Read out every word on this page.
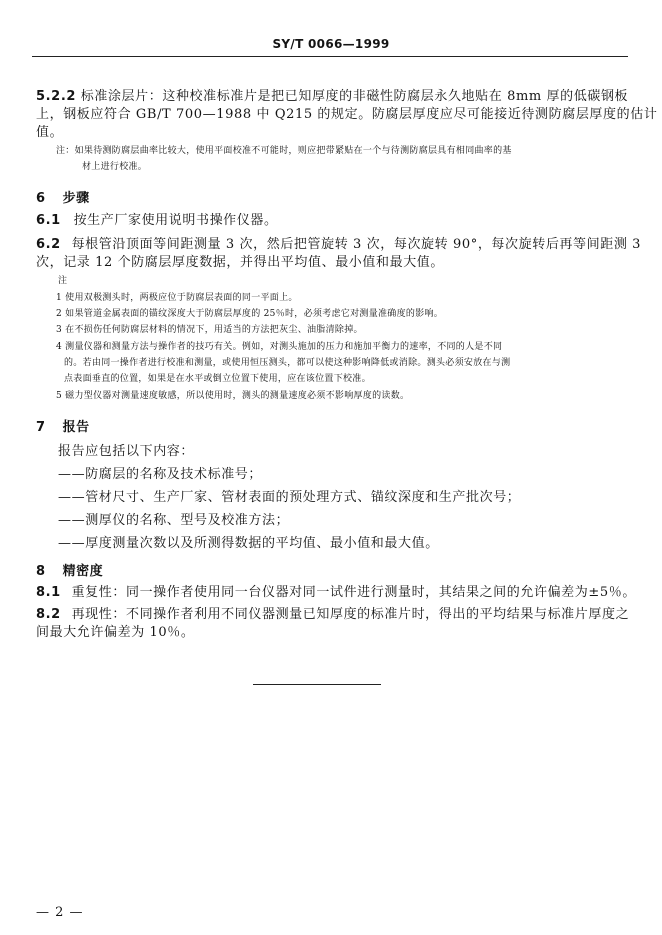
SY/T 0066—1999
5.2.2 标准涂层片：这种校准标准片是把已知厚度的非磁性防腐层永久地贴在 8mm 厚的低碳钢板
上，钢板应符合 GB/T 700—1988 中 Q215 的规定。防腐层厚度应尽可能接近待测防腐层厚度的估计
值。
注：如果待测防腐层曲率比较大，使用平面校准不可能时，则应把带紧贴在一个与待测防腐层具有相同曲率的基
材上进行校准。
6 步骤
6.1 按生产厂家使用说明书操作仪器。
6.2 每根管沿顶面等间距测量 3 次，然后把管旋转 3 次，每次旋转 90°，每次旋转后再等间距测 3
次，记录 12 个防腐层厚度数据，并得出平均值、最小值和最大值。
注
1 使用双极测头时，两极应位于防腐层表面的同一平面上。
2 如果管道金属表面的锚纹深度大于防腐层厚度的 25％时，必须考虑它对测量准确度的影响。
3 在不损伤任何防腐层材料的情况下，用适当的方法把灰尘、油脂清除掉。
4 测量仪器和测量方法与操作者的技巧有关。例如，对测头施加的压力和施加平衡力的速率，不同的人是不同
的。若由同一操作者进行校准和测量，或使用恒压测头，都可以使这种影响降低或消除。测头必须安放在与测
点表面垂直的位置，如果是在水平或倒立位置下使用，应在该位置下校准。
5 磁力型仪器对测量速度敏感，所以使用时，测头的测量速度必须不影响厚度的读数。
7 报告
报告应包括以下内容：
——防腐层的名称及技术标准号；
——管材尺寸、生产厂家、管材表面的预处理方式、锚纹深度和生产批次号；
——测厚仪的名称、型号及校准方法；
——厚度测量次数以及所测得数据的平均值、最小值和最大值。
8 精密度
8.1 重复性：同一操作者使用同一台仪器对同一试件进行测量时，其结果之间的允许偏差为±5％。
8.2 再现性：不同操作者利用不同仪器测量已知厚度的标准片时，得出的平均结果与标准片厚度之
间最大允许偏差为 10％。
— 2 —
